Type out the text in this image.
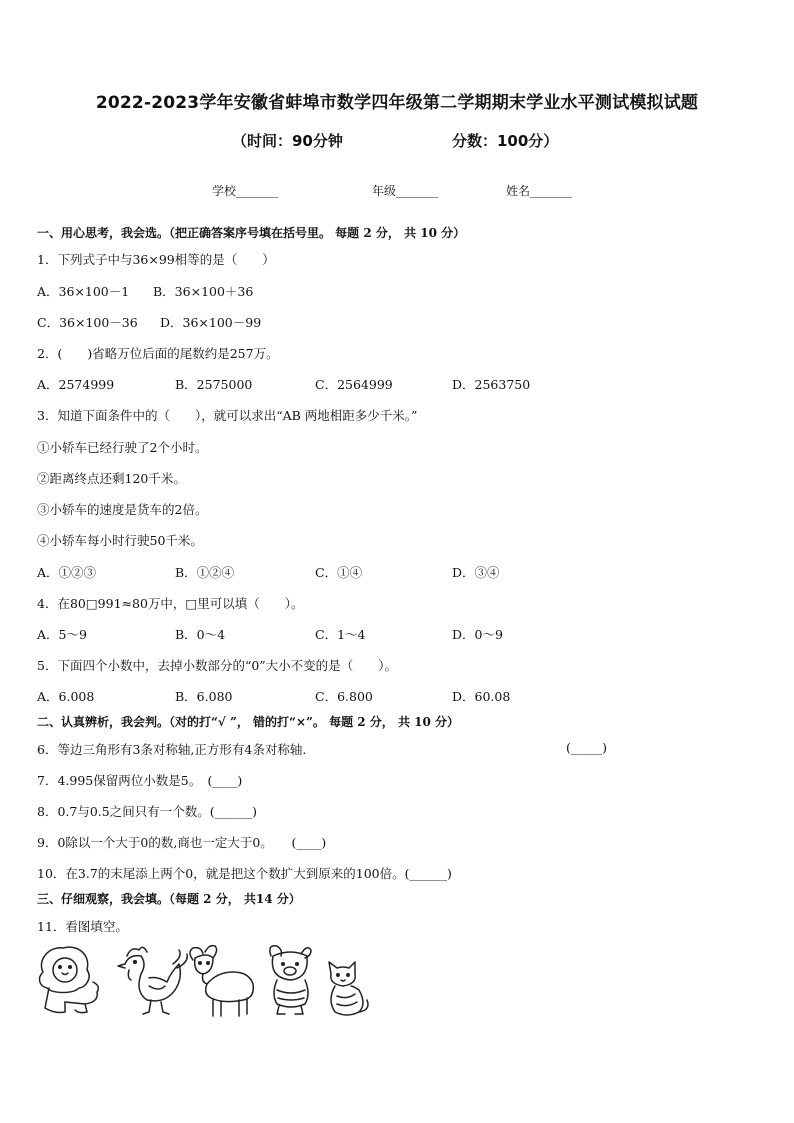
2022-2023学年安徽省蚌埠市数学四年级第二学期期末学业水平测试模拟试题
（时间：90分钟	分数：100分）
学校_______	年级_______	姓名_______
一、用心思考，我会选。（把正确答案序号填在括号里。 每题 2 分， 共 10 分）
1．下列式子中与36×99相等的是（　　）
A．36×100－1 B．36×100＋36
C．36×100－36 D．36×100－99
2．(　　)省略万位后面的尾数约是257万。
A．2574999	B．2575000	C．2564999	D．2563750
3．知道下面条件中的（　　），就可以求出“AB 两地相距多少千米。”
①小轿车已经行驶了2个小时。
②距离终点还剩120千米。
③小轿车的速度是货车的2倍。
④小轿车每小时行驶50千米。
A．①②③	B．①②④	C．①④	D．③④
4．在80□991≈80万中，□里可以填（　　）。
A．5～9	B．0～4	C．1～4	D．0～9
5．下面四个小数中，去掉小数部分的“0”大小不变的是（　　）。
A．6.008	B．6.080	C．6.800	D．60.08
二、认真辨析，我会判。（对的打“√ ”， 错的打“×”。 每题 2 分， 共 10 分）
6．等边三角形有3条对称轴,正方形有4条对称轴.	(_____)
7．4.995保留两位小数是5。　(____)
8．0.7与0.5之间只有一个数。(______)
9．0除以一个大于0的数,商也一定大于0。　　(____)
10．在3.7的末尾添上两个0，就是把这个数扩大到原来的100倍。(______)
三、仔细观察，我会填。（每题 2 分， 共14 分）
11．看图填空。
